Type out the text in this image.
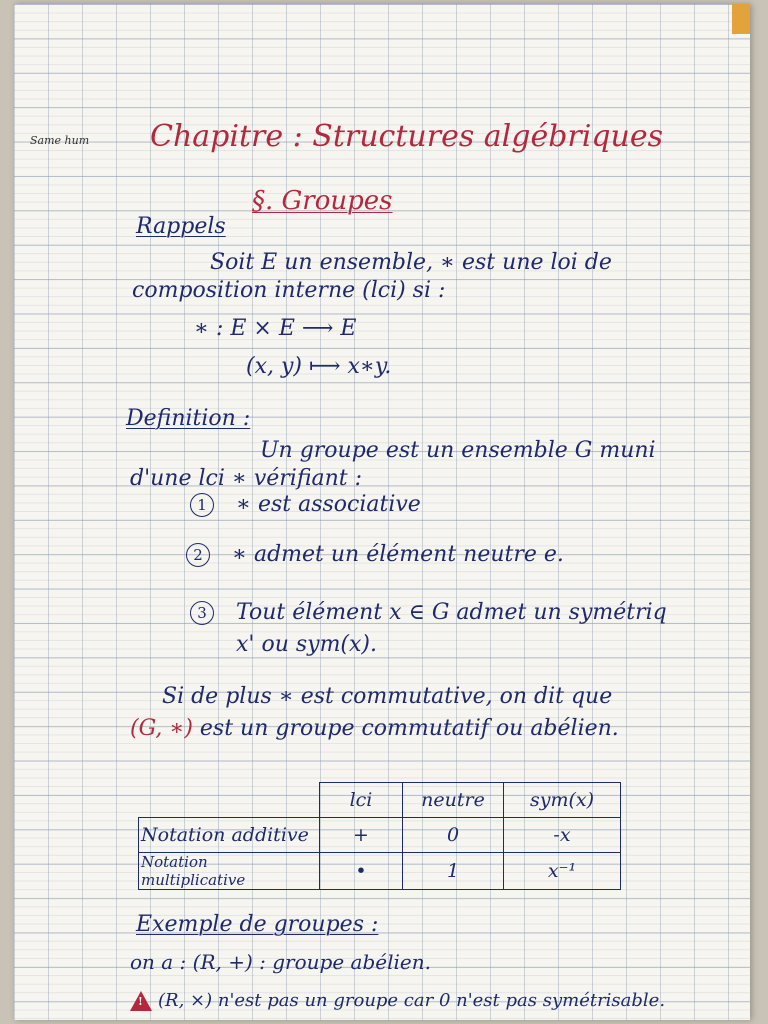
Same hum Chapitre : Structures algébriques
§. Groupes
Rappels
Soit E un ensemble, ∗ est une loi de
composition interne (lci) si :
∗ : E × E ⟶ E
(x, y) ⟼ x∗y.
Definition :
Un groupe est un ensemble G muni
d'une lci ∗ vérifiant :
1 ∗ est associative
2 ∗ admet un élément neutre e.
3 Tout élément x ∈ G admet un symétriq
x' ou sym(x).
Si de plus ∗ est commutative, on dit que
(G, ∗) est un groupe commutatif ou abélien.
	lci	neutre	sym(x)
Notation additive	+	0	-x
Notation multiplicative	•	1	x⁻¹
Exemple de groupes :
on a : (R, +) : groupe abélien.
! (R, ×) n'est pas un groupe car 0 n'est pas symétrisable.
